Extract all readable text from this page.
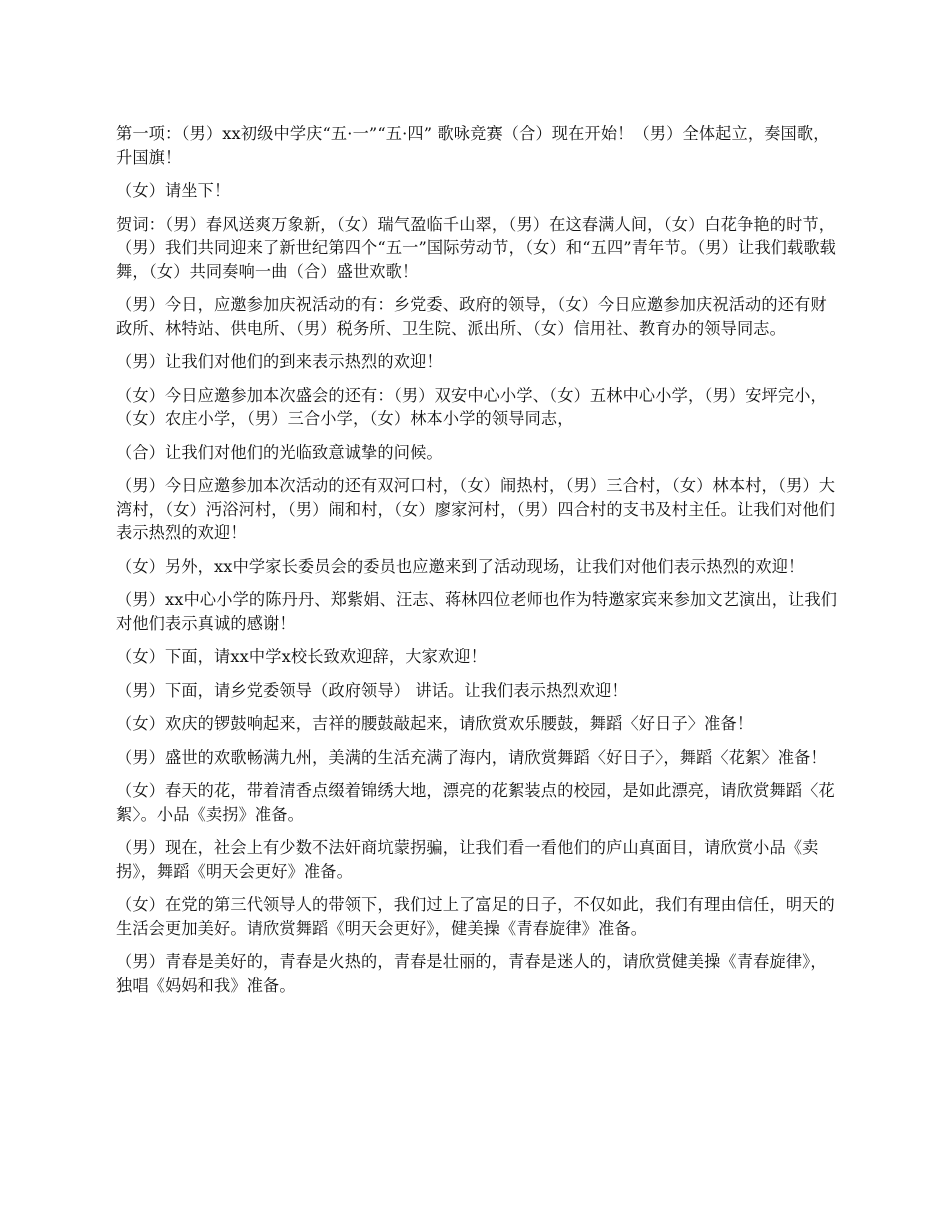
第一项：（男）xx初级中学庆“五·一”“五·四” 歌咏竞赛（合）现在开始！（男）全体起立，奏国歌，升国旗！

（女）请坐下！

贺词：（男）春风送爽万象新，（女）瑞气盈临千山翠，（男）在这春满人间，（女）白花争艳的时节，（男）我们共同迎来了新世纪第四个“五一”国际劳动节，（女）和“五四”青年节。（男）让我们载歌载舞，（女）共同奏响一曲（合）盛世欢歌！

（男）今日，应邀参加庆祝活动的有：乡党委、政府的领导，（女）今日应邀参加庆祝活动的还有财政所、林特站、供电所、（男）税务所、卫生院、派出所、（女）信用社、教育办的领导同志。

（男）让我们对他们的到来表示热烈的欢迎！

（女）今日应邀参加本次盛会的还有：（男）双安中心小学、（女）五林中心小学，（男）安坪完小，（女）农庄小学，（男）三合小学，（女）林本小学的领导同志，

（合）让我们对他们的光临致意诚挚的问候。

（男）今日应邀参加本次活动的还有双河口村，（女）闹热村，（男）三合村，（女）林本村，（男）大湾村，（女）沔浴河村，（男）闹和村，（女）廖家河村，（男）四合村的支书及村主任。让我们对他们表示热烈的欢迎！

（女）另外，xx中学家长委员会的委员也应邀来到了活动现场，让我们对他们表示热烈的欢迎！

（男）xx中心小学的陈丹丹、郑紫娟、汪志、蒋林四位老师也作为特邀家宾来参加文艺演出，让我们对他们表示真诚的感谢！

（女）下面，请xx中学x校长致欢迎辞，大家欢迎！

（男）下面，请乡党委领导（政府领导） 讲话。让我们表示热烈欢迎！

（女）欢庆的锣鼓响起来，吉祥的腰鼓敲起来，请欣赏欢乐腰鼓，舞蹈〈好日子〉准备！

（男）盛世的欢歌畅满九州，美满的生活充满了海内，请欣赏舞蹈〈好日子〉，舞蹈〈花絮〉准备！

（女）春天的花，带着清香点缀着锦绣大地，漂亮的花絮装点的校园，是如此漂亮，请欣赏舞蹈〈花絮〉。小品《卖拐》准备。

（男）现在，社会上有少数不法奸商坑蒙拐骗，让我们看一看他们的庐山真面目，请欣赏小品《卖拐》，舞蹈《明天会更好》准备。

（女）在党的第三代领导人的带领下，我们过上了富足的日子，不仅如此，我们有理由信任，明天的生活会更加美好。请欣赏舞蹈《明天会更好》，健美操《青春旋律》准备。

（男）青春是美好的，青春是火热的，青春是壮丽的，青春是迷人的，请欣赏健美操《青春旋律》，独唱《妈妈和我》准备。
